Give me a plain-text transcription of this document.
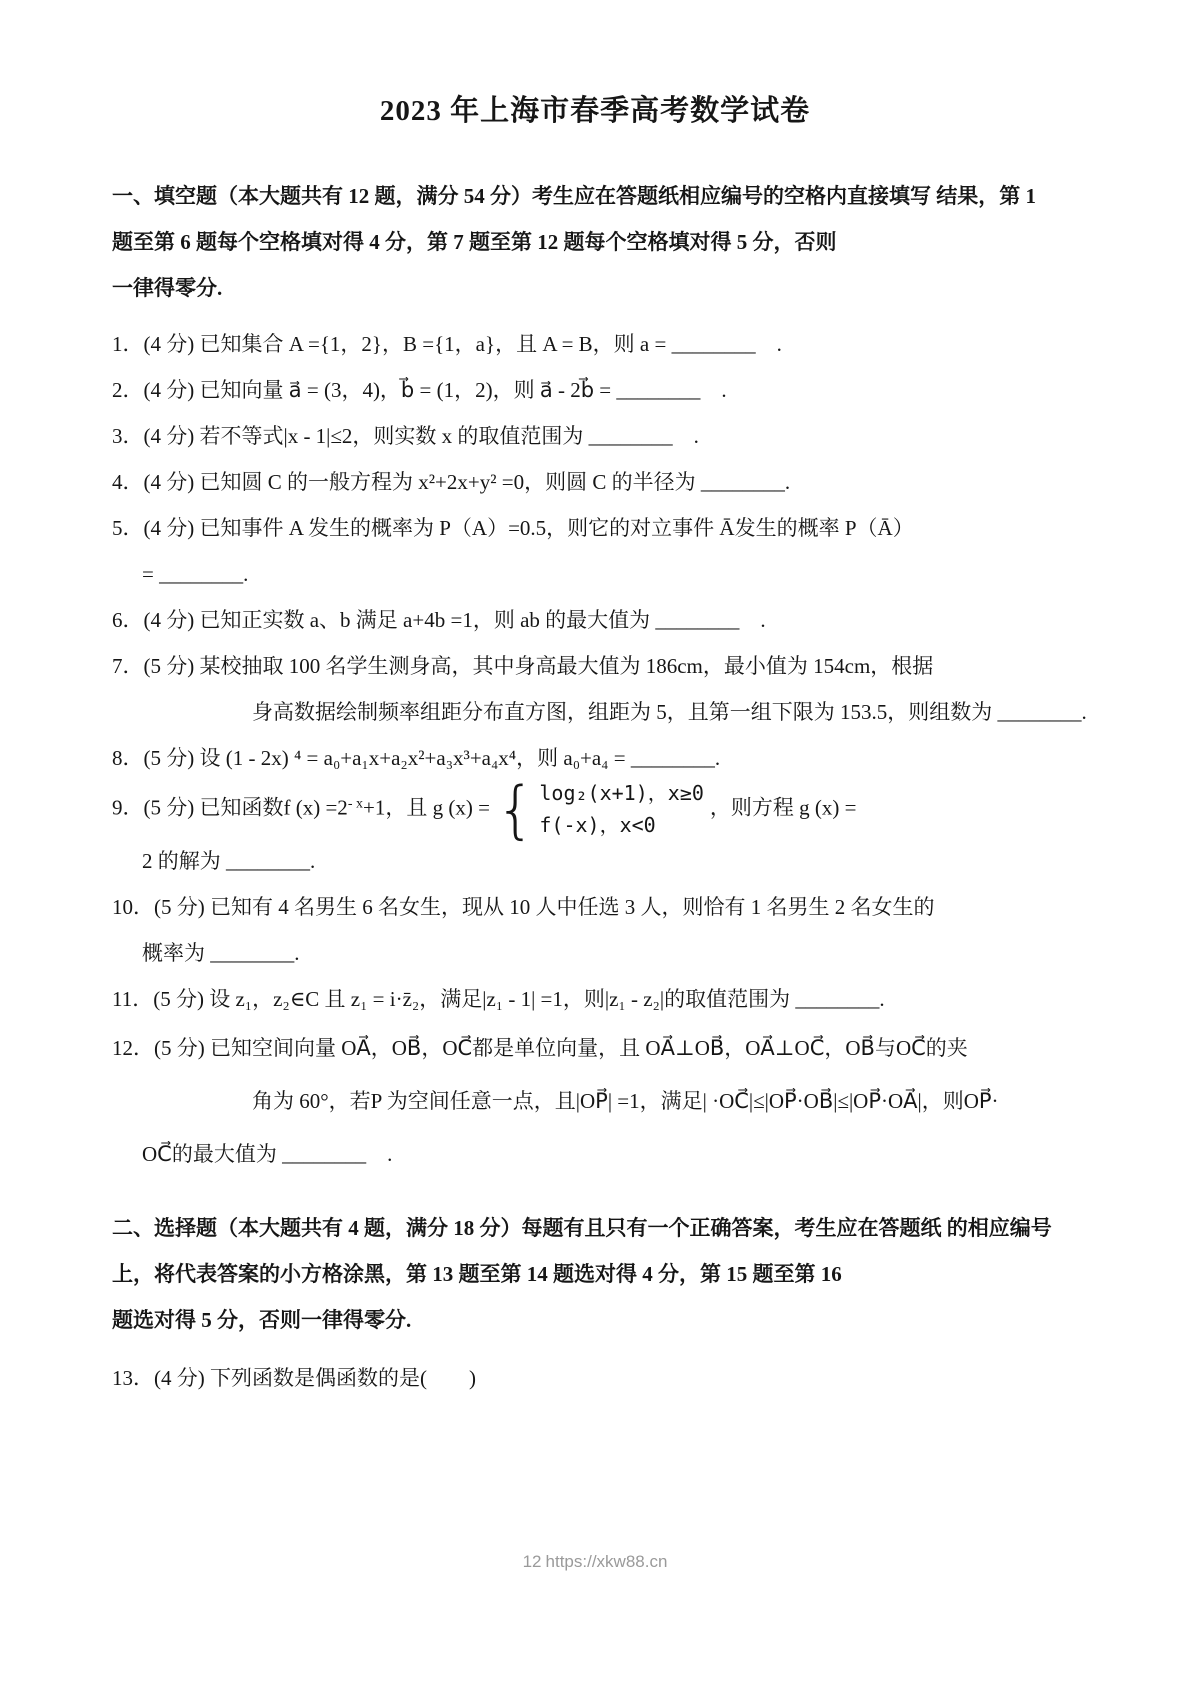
2023 年上海市春季高考数学试卷

一、填空题（本大题共有 12 题，满分 54 分）考生应在答题纸相应编号的空格内直接填写 结果，第 1

题至第 6 题每个空格填对得 4 分，第 7 题至第 12 题每个空格填对得 5 分，否则

一律得零分.

1．(4 分) 已知集合 A ={1，2}，B ={1，a}，且 A = B，则 a = ________　.

2．(4 分) 已知向量 a⃗ = (3，4)，b⃗ = (1，2)，则 a⃗ - 2b⃗ = ________　.

3．(4 分) 若不等式|x - 1|≤2，则实数 x 的取值范围为 ________　.

4．(4 分) 已知圆 C 的一般方程为 x²+2x+y² =0，则圆 C 的半径为 ________.

5．(4 分) 已知事件 A 发生的概率为 P（A）=0.5，则它的对立事件 Ā发生的概率 P（Ā）

= ________.

6．(4 分) 已知正实数 a、b 满足 a+4b =1，则 ab 的最大值为 ________　.

7．(5 分) 某校抽取 100 名学生测身高，其中身高最大值为 186cm，最小值为 154cm，根据

身高数据绘制频率组距分布直方图，组距为 5，且第一组下限为 153.5，则组数为 ________.

8．(5 分) 设 (1 - 2x) ⁴ = a₀+a₁x+a₂x²+a₃x³+a₄x⁴，则 a₀+a₄ = ________.

9．(5 分) 已知函数f $(x) =2^{- x}+1$，且 g (x) = { log₂(x+1)，x≥0
f(-x)，x<0
，则方程 g (x) =

2 的解为 ________.

10．(5 分) 已知有 4 名男生 6 名女生，现从 10 人中任选 3 人，则恰有 1 名男生 2 名女生的

概率为 ________.

11．(5 分) 设 z₁，z₂∈C 且 z₁ = i·z̄₂，满足|z₁ - 1| =1，则|z₁ - z₂|的取值范围为 ________.

12．(5 分) 已知空间向量 OA⃗，OB⃗，OC⃗都是单位向量，且 OA⃗⊥OB⃗，OA⃗⊥OC⃗，OB⃗与OC⃗的夹

角为 60°，若P 为空间任意一点，且|OP⃗| =1，满足| ·OC⃗|≤|OP⃗·OB⃗|≤|OP⃗·OA⃗|，则OP⃗·

OC⃗的最大值为 ________　.

二、选择题（本大题共有 4 题，满分 18 分）每题有且只有一个正确答案，考生应在答题纸 的相应编号

上，将代表答案的小方格涂黑，第 13 题至第 14 题选对得 4 分，第 15 题至第 16

题选对得 5 分，否则一律得零分.

13．(4 分) 下列函数是偶函数的是(　　)

12 https://xkw88.cn
